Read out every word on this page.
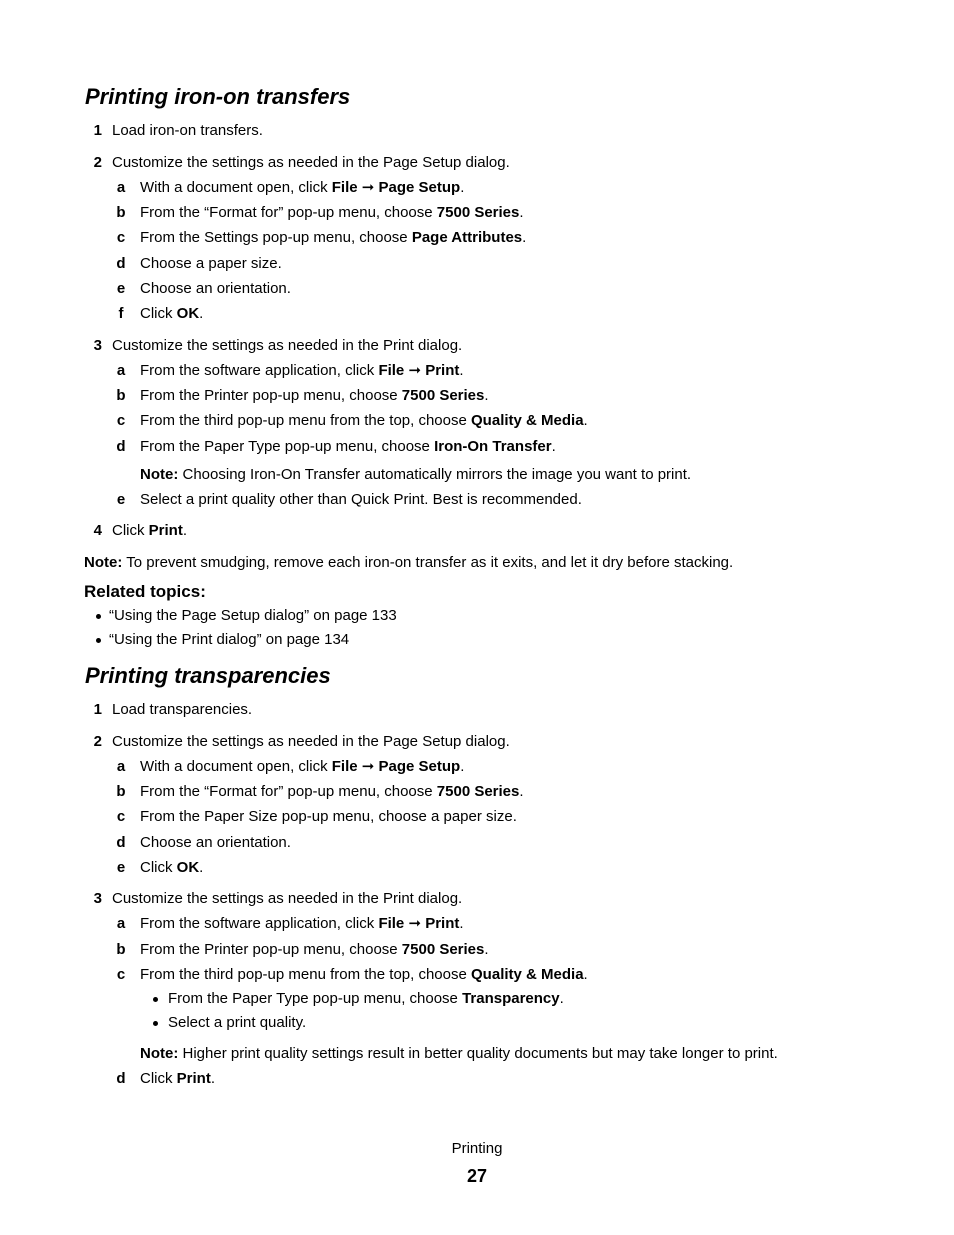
Printing iron-on transfers
1 Load iron-on transfers.
2 Customize the settings as needed in the Page Setup dialog.
a With a document open, click File ➞ Page Setup.
b From the “Format for” pop-up menu, choose 7500 Series.
c From the Settings pop-up menu, choose Page Attributes.
d Choose a paper size.
e Choose an orientation.
f Click OK.
3 Customize the settings as needed in the Print dialog.
a From the software application, click File ➞ Print.
b From the Printer pop-up menu, choose 7500 Series.
c From the third pop-up menu from the top, choose Quality & Media.
d From the Paper Type pop-up menu, choose Iron-On Transfer.
Note: Choosing Iron-On Transfer automatically mirrors the image you want to print.
e Select a print quality other than Quick Print. Best is recommended.
4 Click Print.
Note: To prevent smudging, remove each iron-on transfer as it exits, and let it dry before stacking.
Related topics:
“Using the Page Setup dialog” on page 133
“Using the Print dialog” on page 134
Printing transparencies
1 Load transparencies.
2 Customize the settings as needed in the Page Setup dialog.
a With a document open, click File ➞ Page Setup.
b From the “Format for” pop-up menu, choose 7500 Series.
c From the Paper Size pop-up menu, choose a paper size.
d Choose an orientation.
e Click OK.
3 Customize the settings as needed in the Print dialog.
a From the software application, click File ➞ Print.
b From the Printer pop-up menu, choose 7500 Series.
c From the third pop-up menu from the top, choose Quality & Media.
From the Paper Type pop-up menu, choose Transparency.
Select a print quality.
Note: Higher print quality settings result in better quality documents but may take longer to print.
d Click Print.
Printing
27
